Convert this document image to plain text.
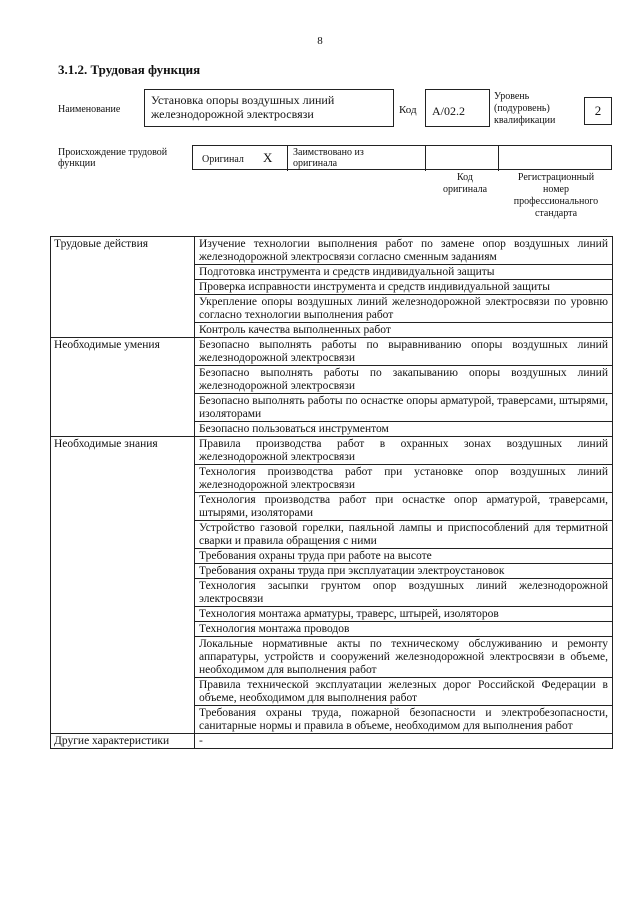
8
3.1.2. Трудовая функция
Наименование
Установка опоры воздушных линий железнодорожной электросвязи	Код	А/02.2
Уровень
(подуровень)
квалификации
2
Происхождение трудовой
функции	Оригинал X Заимствовано из
оригинала
Код
оригинала
Регистрационный
номер
профессионального
стандарта
Трудовые действия	Изучение технологии выполнения работ по замене опор воздушных линий железнодорожной электросвязи согласно сменным заданиям
	Подготовка инструмента и средств индивидуальной защиты
	Проверка исправности инструмента и средств индивидуальной защиты
	Укрепление опоры воздушных линий железнодорожной электросвязи по уровню согласно технологии выполнения работ
	Контроль качества выполненных работ
Необходимые умения	Безопасно выполнять работы по выравниванию опоры воздушных линий железнодорожной электросвязи
	Безопасно выполнять работы по закапыванию опоры воздушных линий железнодорожной электросвязи
	Безопасно выполнять работы по оснастке опоры арматурой, траверсами, штырями, изоляторами
	Безопасно пользоваться инструментом
Необходимые знания	Правила производства работ в охранных зонах воздушных линий железнодорожной электросвязи
	Технология производства работ при установке опор воздушных линий железнодорожной электросвязи
	Технология производства работ при оснастке опор арматурой, траверсами, штырями, изоляторами
	Устройство газовой горелки, паяльной лампы и приспособлений для термитной сварки и правила обращения с ними
	Требования охраны труда при работе на высоте
	Требования охраны труда при эксплуатации электроустановок
	Технология засыпки грунтом опор воздушных линий железнодорожной электросвязи
	Технология монтажа арматуры, траверс, штырей, изоляторов
	Технология монтажа проводов
	Локальные нормативные акты по техническому обслуживанию и ремонту аппаратуры, устройств и сооружений железнодорожной электросвязи в объеме, необходимом для выполнения работ
	Правила технической эксплуатации железных дорог Российской Федерации в объеме, необходимом для выполнения работ
	Требования охраны труда, пожарной безопасности и электробезопасности, санитарные нормы и правила в объеме, необходимом для выполнения работ
Другие характеристики	-
